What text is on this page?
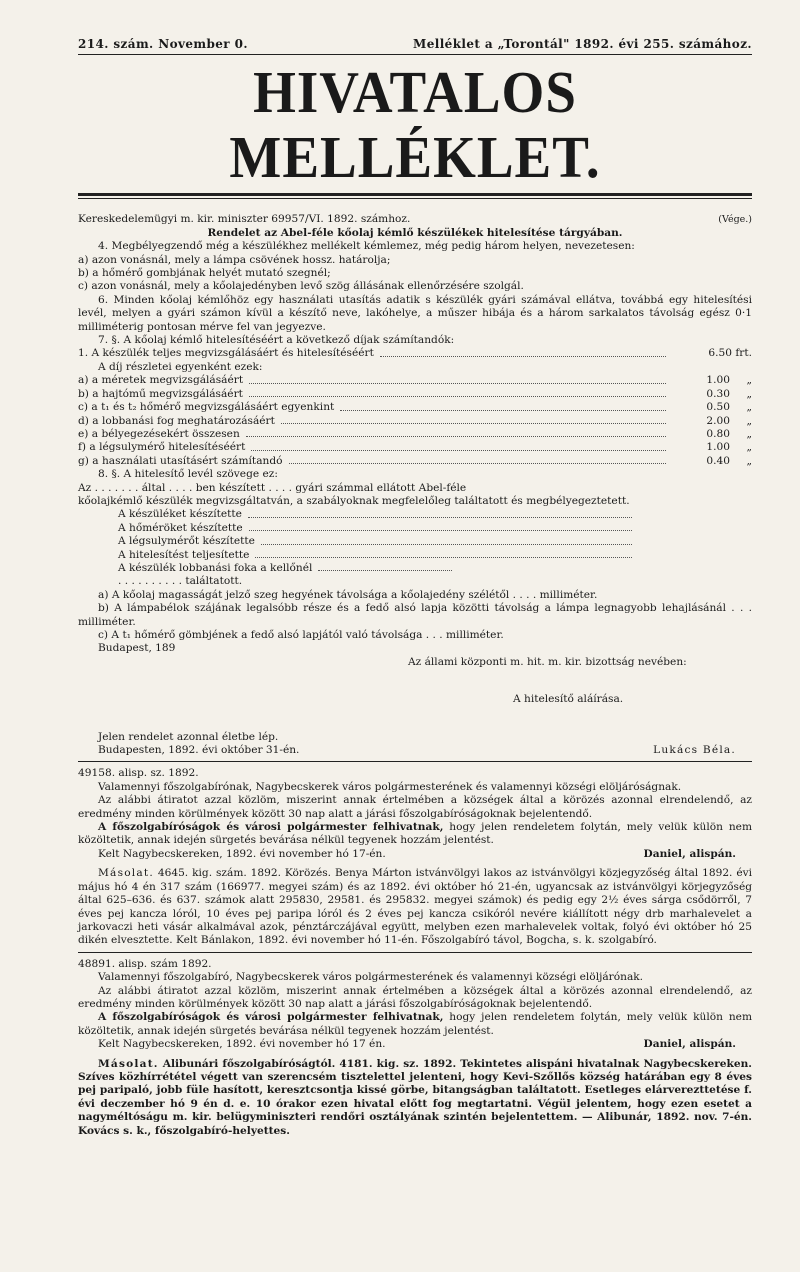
214. szám. November 0.	Melléklet a „Torontál" 1892. évi 255. számához.
HIVATALOS MELLÉKLET.
Kereskedelemügyi m. kir. miniszter 69957/VI. 1892. számhoz.	(Vége.)

Rendelet az Abel-féle kőolaj kémlő készülékek hitelesítése tárgyában.

4. Megbélyegzendő még a készülékhez mellékelt kémlemez, még pedig három helyen, nevezetesen:

a) azon vonásnál, mely a lámpa csövének hossz. határolja;

b) a hőmérő gombjának helyét mutató szegnél;

c) azon vonásnál, mely a kőolajedényben levő szög állásának ellenőrzésére szolgál.

6. Minden kőolaj kémlőhöz egy használati utasítás adatik s készülék gyári számával ellátva, továbbá egy hitelesítési levél, melyen a gyári számon kívül a készítő neve, lakóhelye, a műszer hibája és a három sarkalatos távolság egész 0·1 milliméterig pontosan mérve fel van jegyezve.

7. §. A kőolaj kémlő hitelesítéséért a következő díjak számítandók:

1. A készülék teljes megvizsgálásáért és hitelesítéséért	6.50 frt.

A díj részletei egyenként ezek:

a) a méretek megvizsgálásáért	1.00	„
b) a hajtómű megvizsgálásáért	0.30	„
c) a t₁ és t₂ hőmérő megvizsgálásáért egyenkint	0.50	„
d) a lobbanási fog meghatározásáért	2.00	„
e) a bélyegezésekért összesen	0.80	„
f) a légsulymérő hitelesítéséért	1.00	„
g) a használati utasításért számítandó	0.40	„

8. §. A hitelesítő levél szövege ez:

Az . . . . . . . által . . . . ben készített . . . . gyári számmal ellátott Abel-féle

kőolajkémlő készülék megvizsgáltatván, a szabályoknak megfelelőleg találtatott és megbélyegeztetett.

A készüléket készítette
A hőméröket készítette
A légsulymérőt készítette
A hitelesítést teljesítette
A készülék lobbanási foka a kellőnél

. . . . . . . . . . találtatott.

a) A kőolaj magasságát jelző szeg hegyének távolsága a kőolajedény szélétől . . . . milliméter.

b) A lámpabélok szájának legalsóbb része és a fedő alsó lapja közötti távolság a lámpa legnagyobb lehajlásánál . . . milliméter.

c) A t₁ hőmérő gömbjének a fedő alsó lapjától való távolsága . . . milliméter.

Budapest, 189

Az állami központi m. hit. m. kir. bizottság nevében:

A hitelesítő aláírása.

Jelen rendelet azonnal életbe lép.

Budapesten, 1892. évi október 31-én.	Lukács Béla.

49158. alisp. sz. 1892.

Valamennyi főszolgabírónak, Nagybecskerek város polgármesterének és valamennyi községi elöljáróságnak.

Az alábbi átiratot azzal közlöm, miszerint annak értelmében a községek által a körözés azonnal elrendelendő, az eredmény minden körülmények között 30 nap alatt a járási főszolgabíróságoknak bejelentendő.

A főszolgabíróságok és városi polgármester felhivatnak, hogy jelen rendeletem folytán, mely velük külön nem közöltetik, annak idején sürgetés bevárása nélkül tegyenek hozzám jelentést.

Kelt Nagybecskereken, 1892. évi november hó 17-én.	Daniel, alispán.

Másolat. 4645. kig. szám. 1892. Körözés. Benya Márton istvánvölgyi lakos az istvánvölgyi közjegyzőség által 1892. évi május hó 4 én 317 szám (166977. megyei szám) és az 1892. évi október hó 21-én, ugyancsak az istvánvölgyi körjegyzőség által 625–636. és 637. számok alatt 295830, 29581. és 295832. megyei számok) és pedig egy 2½ éves sárga csődörről, 7 éves pej kancza lóról, 10 éves pej paripa lóról és 2 éves pej kancza csikóról nevére kiállított négy drb marhalevelet a jarkovaczi heti vásár alkalmával azok, pénztárczájával együtt, melyben ezen marhalevelek voltak, folyó évi október hó 25 dikén elvesztette. Kelt Bánlakon, 1892. évi november hó 11-én. Főszolgabíró távol, Bogcha, s. k. szolgabíró.

48891. alisp. szám 1892.

Valamennyi főszolgabíró, Nagybecskerek város polgármesterének és valamennyi községi elöljárónak.

Az alábbi átiratot azzal közlöm, miszerint annak értelmében a községek által a körözés azonnal elrendelendő, az eredmény minden körülmények között 30 nap alatt a járási főszolgabíróságoknak bejelentendő.

A főszolgabíróságok és városi polgármester felhivatnak, hogy jelen rendeletem folytán, mely velük külön nem közöltetik, annak idején sürgetés bevárása nélkül tegyenek hozzám jelentést.

Kelt Nagybecskereken, 1892. évi november hó 17 én.	Daniel, alispán.

Másolat. Alibunári főszolgabíróságtól. 4181. kig. sz. 1892. Tekintetes alispáni hivatalnak Nagybecskereken. Szíves közhírrététel végett van szerencsém tisztelettel jelenteni, hogy Kevi-Szőllős község határában egy 8 éves pej paripaló, jobb füle hasított, keresztcsontja kissé görbe, bitangságban találtatott. Esetleges elárverezttetése f. évi deczember hó 9 én d. e. 10 órakor ezen hivatal előtt fog megtartatni. Végül jelentem, hogy ezen esetet a nagyméltóságu m. kir. belügyminiszteri rendőri osztályának szintén bejelentettem. — Alibunár, 1892. nov. 7-én. Kovács s. k., főszolgabíró-helyettes.
